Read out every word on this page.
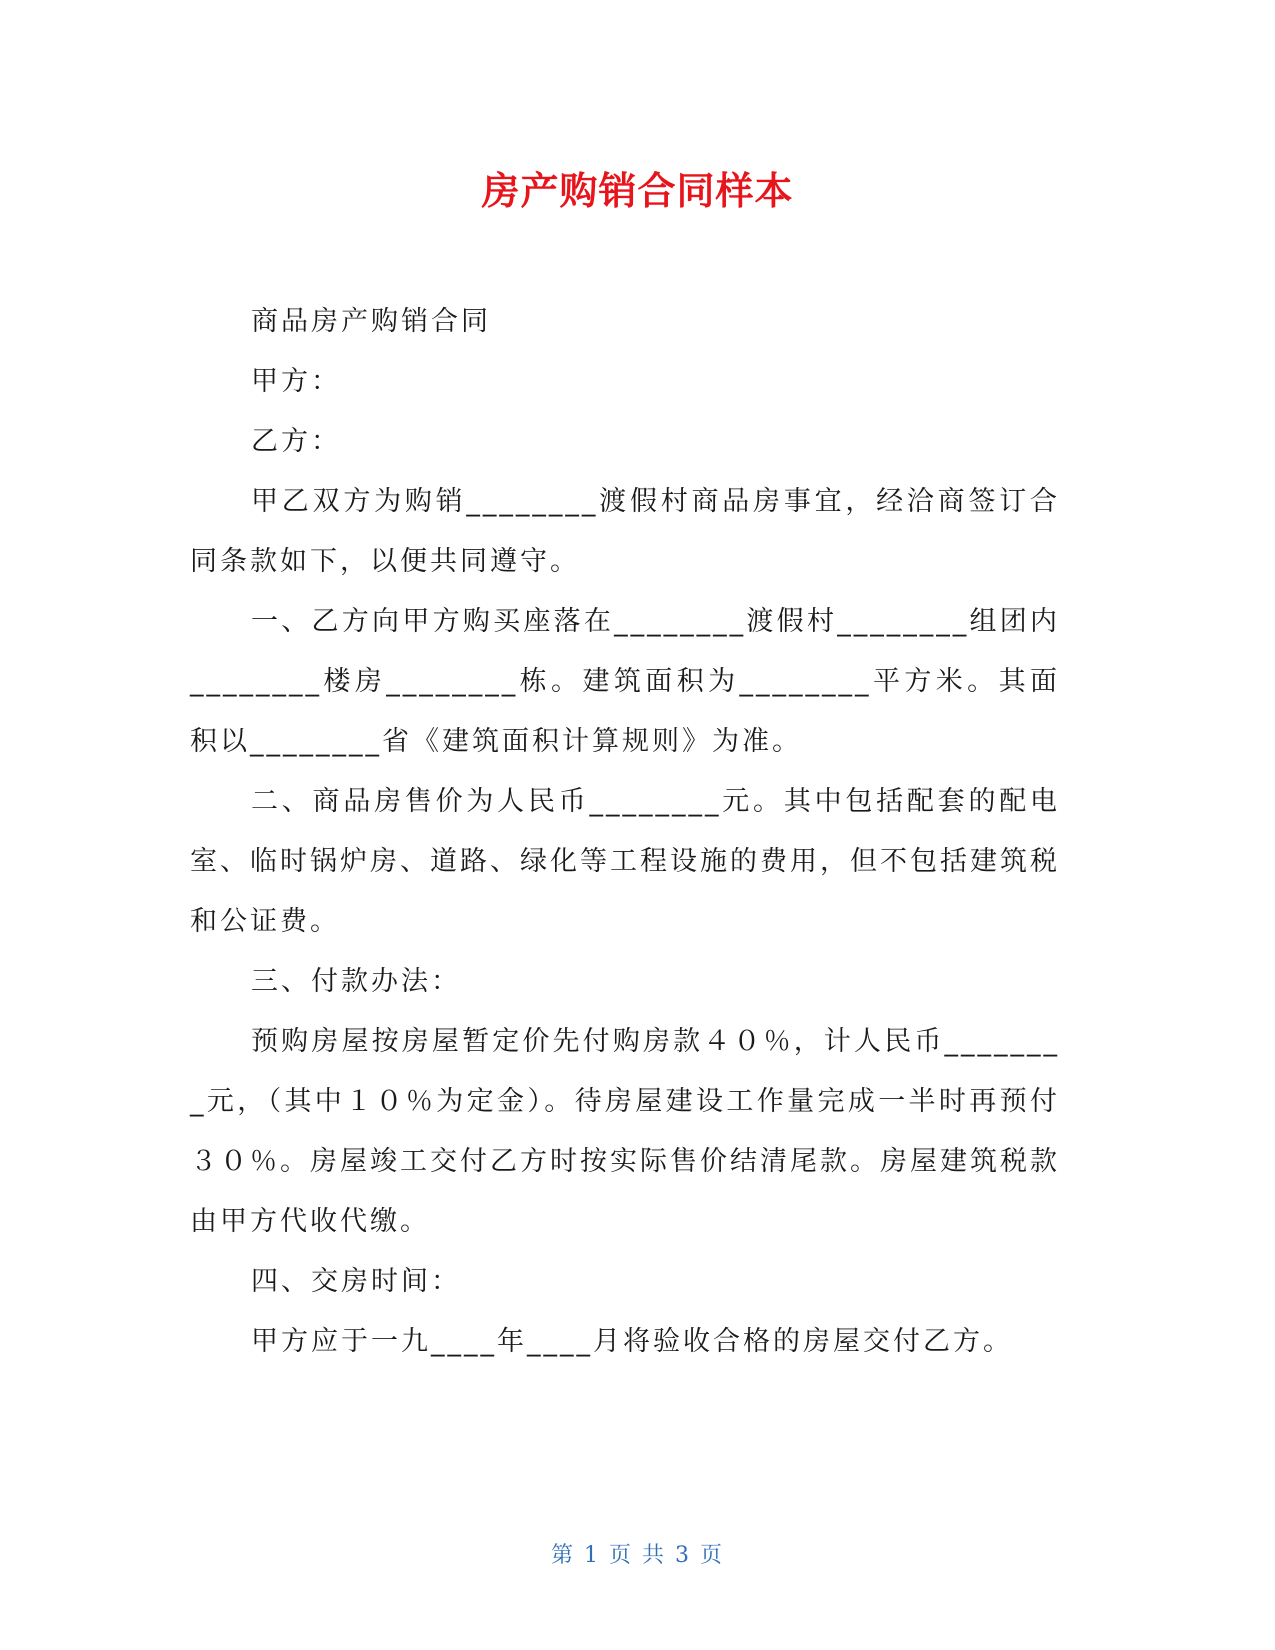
房产购销合同样本

商品房产购销合同

甲方：

乙方：

甲乙双方为购销________渡假村商品房事宜，经洽商签订合同条款如下，以便共同遵守。

一、乙方向甲方购买座落在________渡假村________组团内________楼房________栋。建筑面积为________平方米。其面积以________省《建筑面积计算规则》为准。

二、商品房售价为人民币________元。其中包括配套的配电室、临时锅炉房、道路、绿化等工程设施的费用，但不包括建筑税和公证费。

三、付款办法：

预购房屋按房屋暂定价先付购房款４０％，计人民币________元，（其中１０％为定金）。待房屋建设工作量完成一半时再预付３０％。房屋竣工交付乙方时按实际售价结清尾款。房屋建筑税款由甲方代收代缴。

四、交房时间：

甲方应于一九____年____月将验收合格的房屋交付乙方。

第 1 页 共 3 页
